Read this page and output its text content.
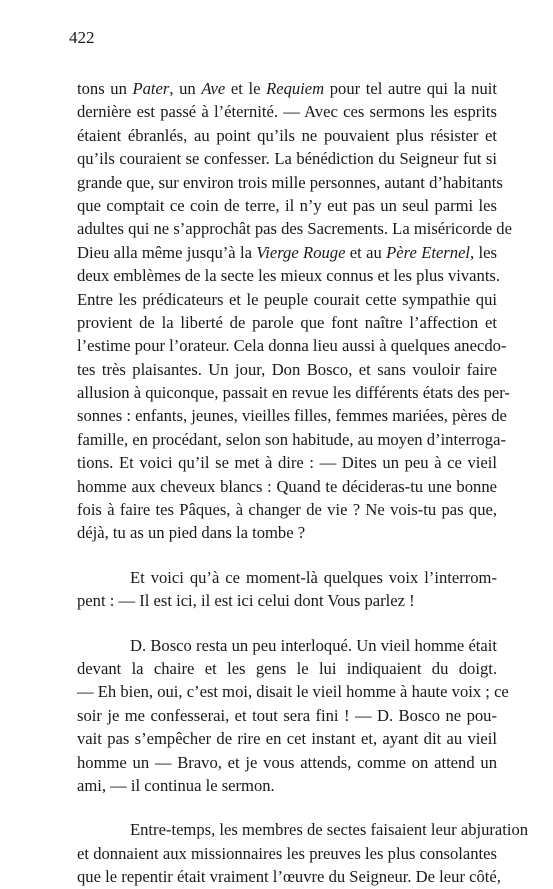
422
tons un Pater, un Ave et le Requiem pour tel autre qui la nuit
dernière est passé à l’éternité. — Avec ces sermons les esprits
étaient ébranlés, au point qu’ils ne pouvaient plus résister et
qu’ils couraient se confesser. La bénédiction du Seigneur fut si
grande que, sur environ trois mille personnes, autant d’habitants
que comptait ce coin de terre, il n’y eut pas un seul parmi les
adultes qui ne s’approchât pas des Sacrements. La miséricorde de
Dieu alla même jusqu’à la Vierge Rouge et au Père Eternel, les
deux emblèmes de la secte les mieux connus et les plus vivants.
Entre les prédicateurs et le peuple courait cette sympathie qui
provient de la liberté de parole que font naître l’affection et
l’estime pour l’orateur. Cela donna lieu aussi à quelques anecdo-
tes très plaisantes. Un jour, Don Bosco, et sans vouloir faire
allusion à quiconque, passait en revue les différents états des per-
sonnes : enfants, jeunes, vieilles filles, femmes mariées, pères de
famille, en procédant, selon son habitude, au moyen d’interroga-
tions. Et voici qu’il se met à dire : — Dites un peu à ce vieil
homme aux cheveux blancs : Quand te décideras-tu une bonne
fois à faire tes Pâques, à changer de vie ? Ne vois-tu pas que,
déjà, tu as un pied dans la tombe ?
Et voici qu’à ce moment-là quelques voix l’interrom-
pent : — Il est ici, il est ici celui dont Vous parlez !
D. Bosco resta un peu interloqué. Un vieil homme était
devant la chaire et les gens le lui indiquaient du doigt.
— Eh bien, oui, c’est moi, disait le vieil homme à haute voix ; ce
soir je me confesserai, et tout sera fini ! — D. Bosco ne pou-
vait pas s’empêcher de rire en cet instant et, ayant dit au vieil
homme un — Bravo, et je vous attends, comme on attend un
ami, — il continua le sermon.
Entre-temps, les membres de sectes faisaient leur abjuration
et donnaient aux missionnaires les preuves les plus consolantes
que le repentir était vraiment l’œuvre du Seigneur. De leur côté,
